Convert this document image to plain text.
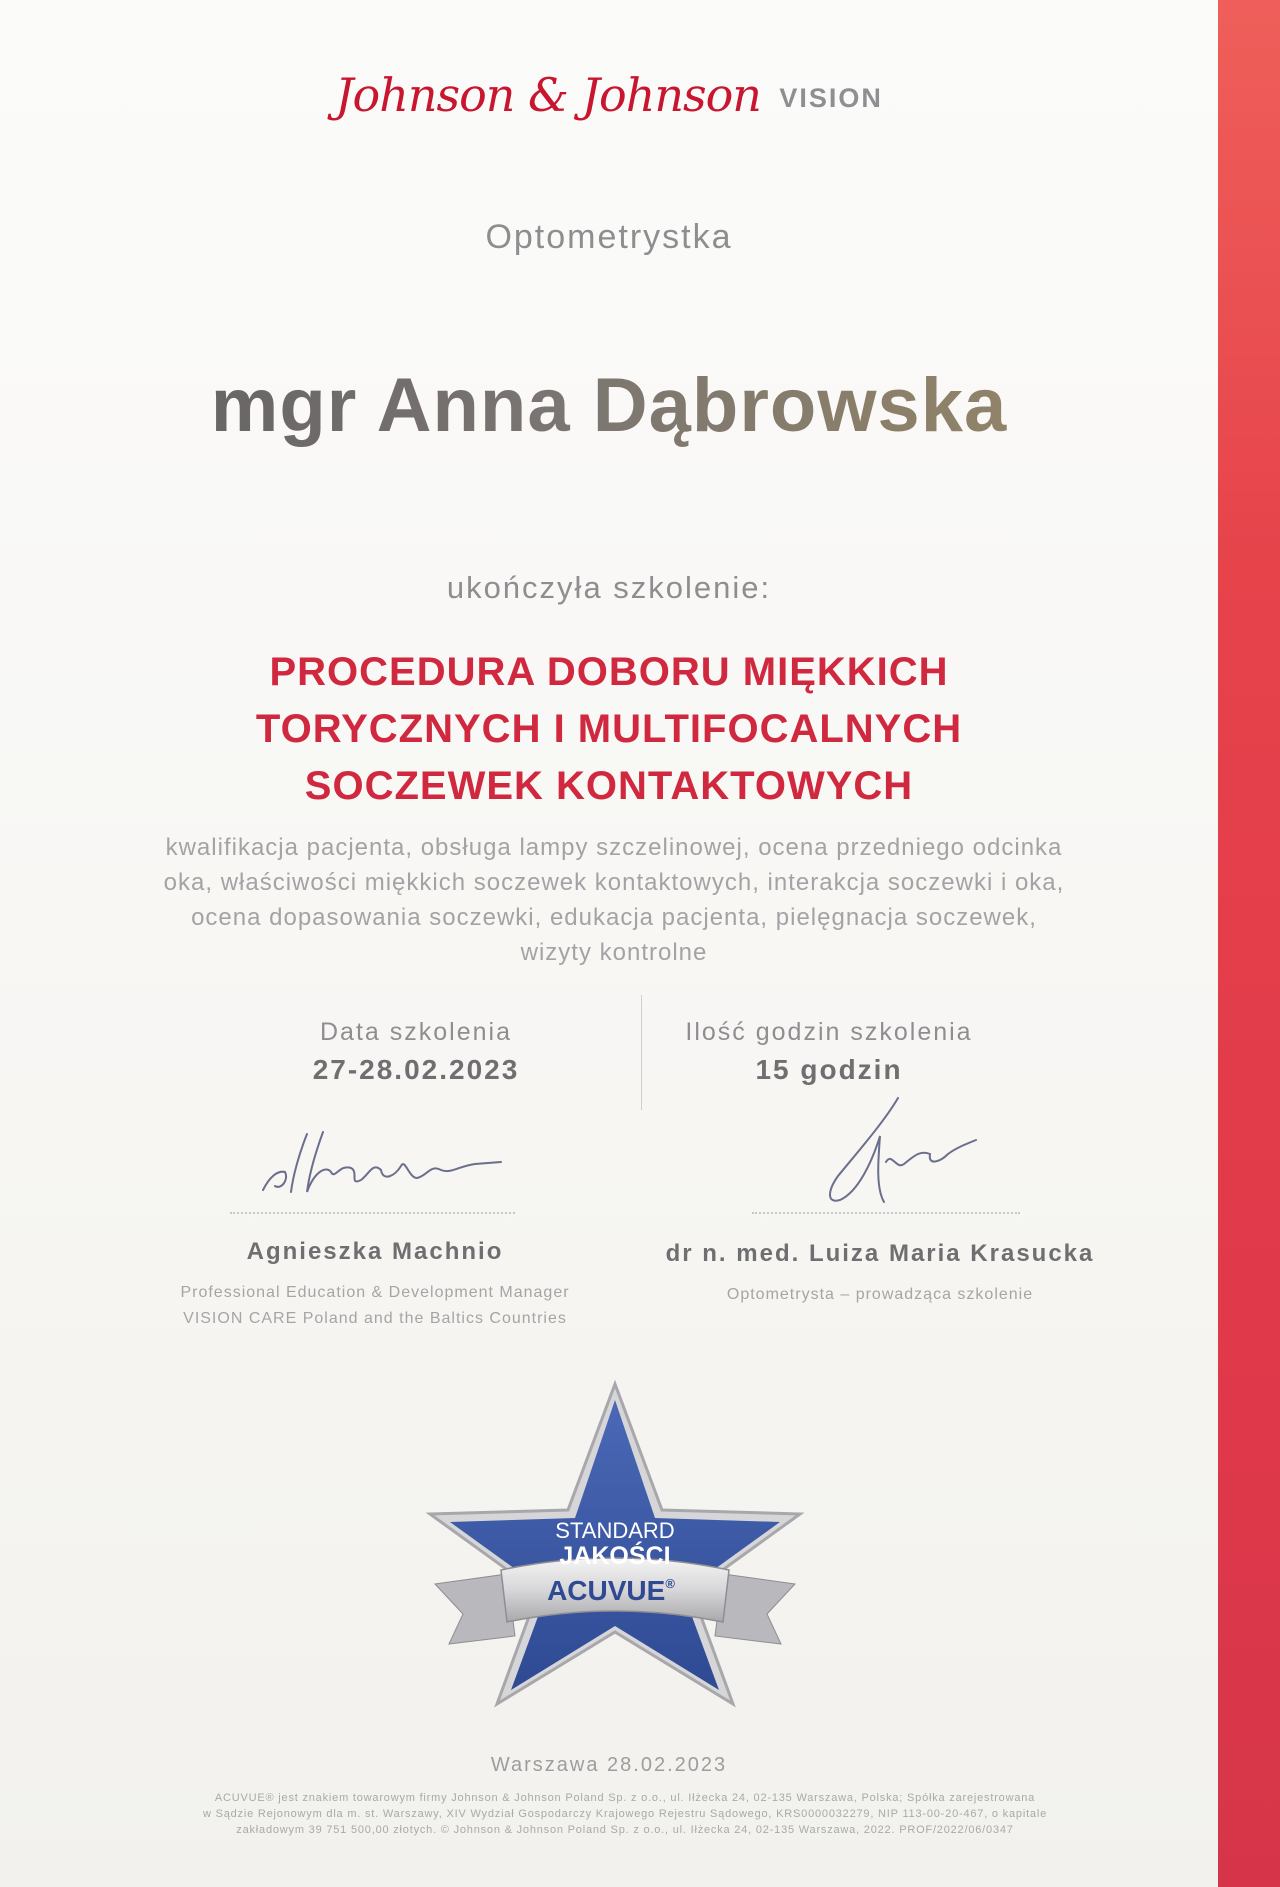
Johnson & Johnson VISION
Optometrystka
mgr Anna Dąbrowska
ukończyła szkolenie:
PROCEDURA DOBORU MIĘKKICH
TORYCZNYCH I MULTIFOCALNYCH
SOCZEWEK KONTAKTOWYCH
kwalifikacja pacjenta, obsługa lampy szczelinowej, ocena przedniego odcinka
oka, właściwości miękkich soczewek kontaktowych, interakcja soczewki i oka,
ocena dopasowania soczewki, edukacja pacjenta, pielęgnacja soczewek,
wizyty kontrolne
Data szkolenia
27-28.02.2023
Ilość godzin szkolenia
15 godzin
Agnieszka Machnio
Professional Education & Development Manager
VISION CARE Poland and the Baltics Countries
dr n. med. Luiza Maria Krasucka
Optometrysta – prowadząca szkolenie
STANDARD
JAKOŚCI
ACUVUE®
Warszawa 28.02.2023
ACUVUE® jest znakiem towarowym firmy Johnson & Johnson Poland Sp. z o.o., ul. Iłżecka 24, 02-135 Warszawa, Polska; Spółka zarejestrowana
w Sądzie Rejonowym dla m. st. Warszawy, XIV Wydział Gospodarczy Krajowego Rejestru Sądowego, KRS0000032279, NIP 113-00-20-467, o kapitale
zakładowym 39 751 500,00 złotych. © Johnson & Johnson Poland Sp. z o.o., ul. Iłżecka 24, 02-135 Warszawa, 2022. PROF/2022/06/0347
